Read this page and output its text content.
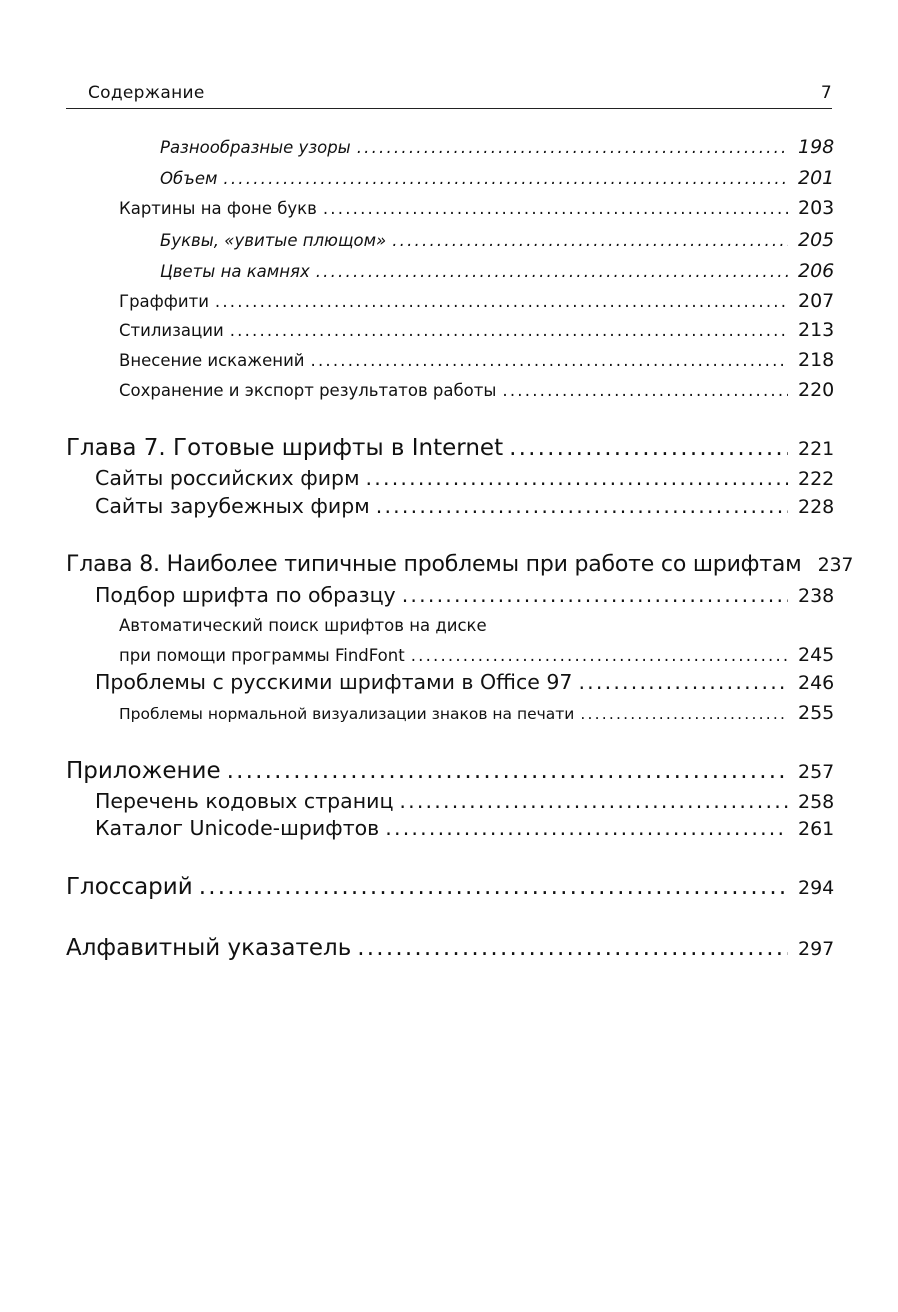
Содержание	7
Разнообразные узоры .....	198
Объем .....	201
Картины на фоне букв .....	203
Буквы, «увитые плющом» .....	205
Цветы на камнях .....	206
Граффити .....	207
Стилизации .....	213
Внесение искажений .....	218
Сохранение и экспорт результатов работы .....	220
Глава 7. Готовые шрифты в Internet .....	221
Сайты российских фирм .....	222
Сайты зарубежных фирм .....	228
Глава 8. Наиболее типичные проблемы при работе со шрифтам 237
Подбор шрифта по образцу .....	238
Автоматический поиск шрифтов на диске
при помощи программы FindFont .....	245
Проблемы с русскими шрифтами в Office 97 .....	246
Проблемы нормальной визуализации знаков на печати .....	255
Приложение .....	257
Перечень кодовых страниц .....	258
Каталог Unicode-шрифтов .....	261
Глоссарий .....	294
Алфавитный указатель .....	297
